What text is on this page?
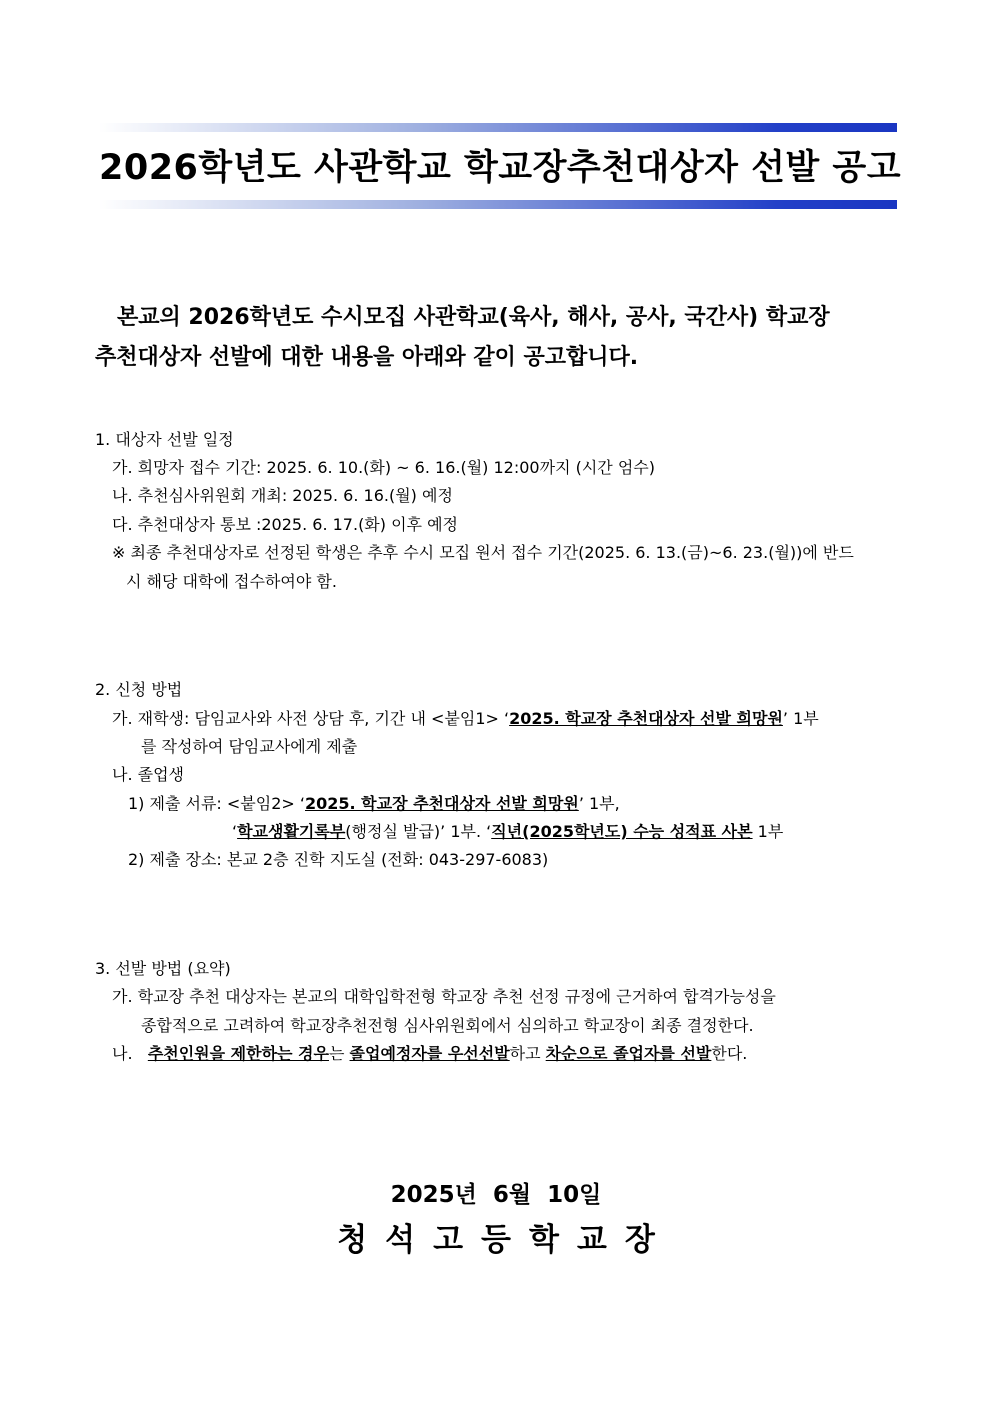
2026학년도 사관학교 학교장추천대상자 선발 공고
본교의 2026학년도 수시모집 사관학교(육사, 해사, 공사, 국간사) 학교장
추천대상자 선발에 대한 내용을 아래와 같이 공고합니다.
1. 대상자 선발 일정
가. 희망자 접수 기간: 2025. 6. 10.(화) ~ 6. 16.(월) 12:00까지 (시간 엄수)
나. 추천심사위원회 개최: 2025. 6. 16.(월) 예정
다. 추천대상자 통보 :2025. 6. 17.(화) 이후 예정
※ 최종 추천대상자로 선정된 학생은 추후 수시 모집 원서 접수 기간(2025. 6. 13.(금)~6. 23.(월))에 반드
시 해당 대학에 접수하여야 함.
2. 신청 방법
가. 재학생: 담임교사와 사전 상담 후, 기간 내 <붙임1> ‘2025. 학교장 추천대상자 선발 희망원’ 1부
를 작성하여 담임교사에게 제출
나. 졸업생
1) 제출 서류: <붙임2> ‘2025. 학교장 추천대상자 선발 희망원’ 1부,
‘학교생활기록부(행정실 발급)’ 1부. ‘직년(2025학년도) 수능 성적표 사본 1부
2) 제출 장소: 본교 2층 진학 지도실 (전화: 043-297-6083)
3. 선발 방법 (요약)
가. 학교장 추천 대상자는 본교의 대학입학전형 학교장 추천 선정 규정에 근거하여 합격가능성을
종합적으로 고려하여 학교장추천전형 심사위원회에서 심의하고 학교장이 최종 결정한다.
나.   추천인원을 제한하는 경우는 졸업예정자를 우선선발하고 차순으로 졸업자를 선발한다.
2025년  6월  10일
청석고등학교장
